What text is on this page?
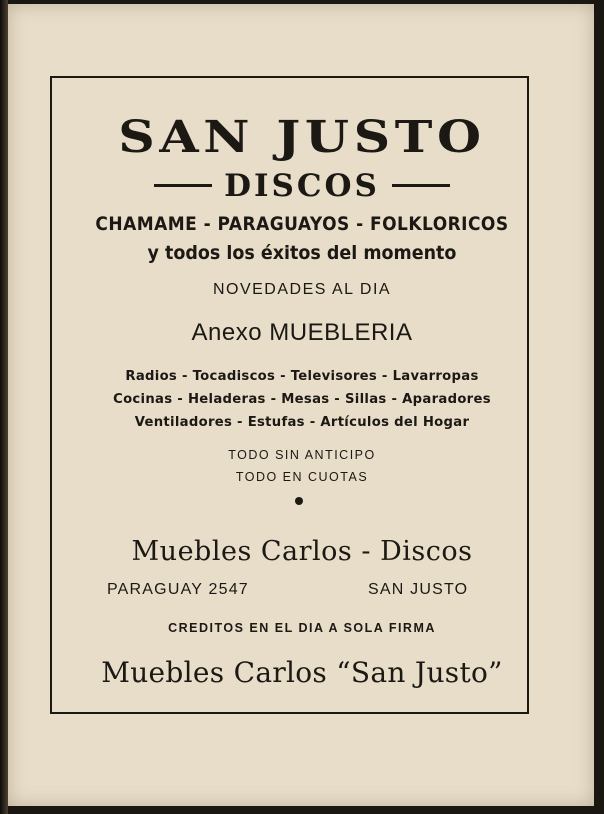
SAN JUSTO
DISCOS
CHAMAME - PARAGUAYOS - FOLKLORICOS
y todos los éxitos del momento
NOVEDADES AL DIA
Anexo MUEBLERIA
Radios - Tocadiscos - Televisores - Lavarropas
Cocinas - Heladeras - Mesas - Sillas - Aparadores
Ventiladores - Estufas - Artículos del Hogar
TODO SIN ANTICIPO
TODO EN CUOTAS
Muebles Carlos - Discos
PARAGUAY 2547	SAN JUSTO
CREDITOS EN EL DIA A SOLA FIRMA
Muebles Carlos “San Justo”
